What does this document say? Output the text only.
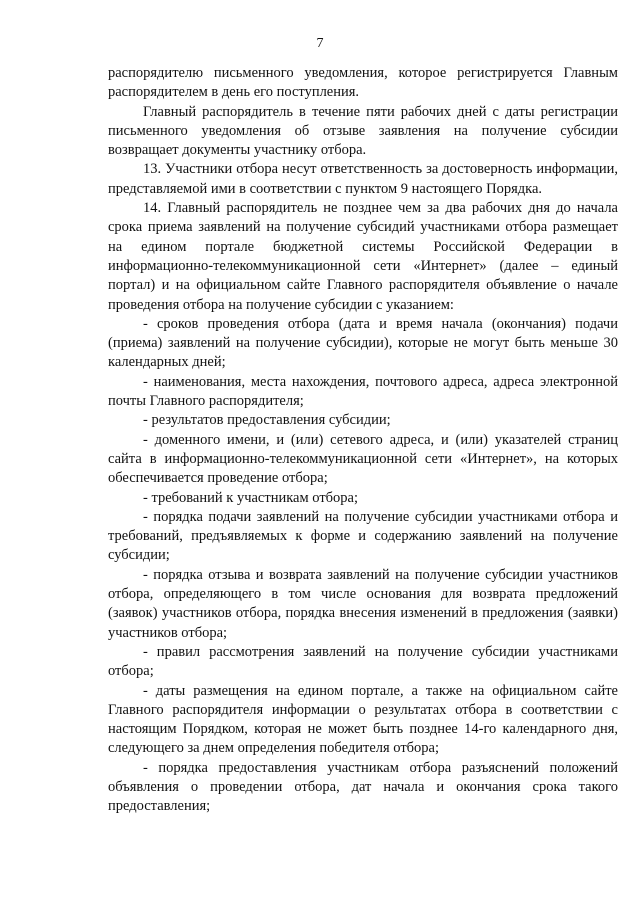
7

распорядителю письменного уведомления, которое регистрируется Главным распорядителем в день его поступления.

Главный распорядитель в течение пяти рабочих дней с даты регистрации письменного уведомления об отзыве заявления на получение субсидии возвращает документы участнику отбора.

13. Участники отбора несут ответственность за достоверность информации, представляемой ими в соответствии с пунктом 9 настоящего Порядка.

14. Главный распорядитель не позднее чем за два рабочих дня до начала срока приема заявлений на получение субсидий участниками отбора размещает на едином портале бюджетной системы Российской Федерации в информационно-телекоммуникационной сети «Интернет» (далее – единый портал) и на официальном сайте Главного распорядителя объявление о начале проведения отбора на получение субсидии с указанием:

- сроков проведения отбора (дата и время начала (окончания) подачи (приема) заявлений на получение субсидии), которые не могут быть меньше 30 календарных дней;

- наименования, места нахождения, почтового адреса, адреса электронной почты Главного распорядителя;

- результатов предоставления субсидии;

- доменного имени, и (или) сетевого адреса, и (или) указателей страниц сайта в информационно-телекоммуникационной сети «Интернет», на которых обеспечивается проведение отбора;

- требований к участникам отбора;

- порядка подачи заявлений на получение субсидии участниками отбора и требований, предъявляемых к форме и содержанию заявлений на получение субсидии;

- порядка отзыва и возврата заявлений на получение субсидии участников отбора, определяющего в том числе основания для возврата предложений (заявок) участников отбора, порядка внесения изменений в предложения (заявки) участников отбора;

- правил рассмотрения заявлений на получение субсидии участниками отбора;

- даты размещения на едином портале, а также на официальном сайте Главного распорядителя информации о результатах отбора в соответствии с настоящим Порядком, которая не может быть позднее 14-го календарного дня, следующего за днем определения победителя отбора;

- порядка предоставления участникам отбора разъяснений положений объявления о проведении отбора, дат начала и окончания срока такого предоставления;
